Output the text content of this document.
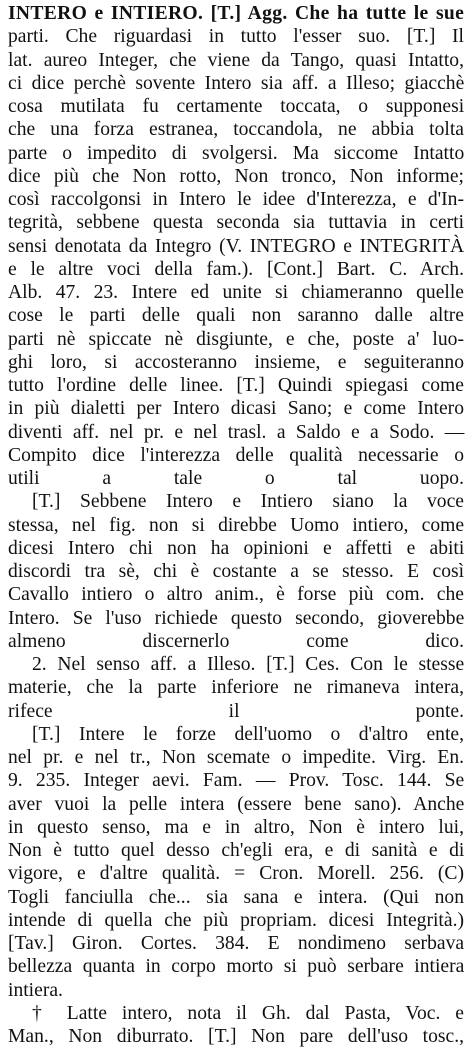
INTERO e INTIERO. [T.] Agg. Che ha tutte le sue
parti. Che riguardasi in tutto l'esser suo. [T.] Il
lat. aureo Integer, che viene da Tango, quasi Intatto,
ci dice perchè sovente Intero sia aff. a Illeso; giacchè
cosa mutilata fu certamente toccata, o supponesi
che una forza estranea, toccandola, ne abbia tolta
parte o impedito di svolgersi. Ma siccome Intatto
dice più che Non rotto, Non tronco, Non informe;
così raccolgonsi in Intero le idee d'Interezza, e d'In-
tegrità, sebbene questa seconda sia tuttavia in certi
sensi denotata da Integro (V. INTEGRO e INTEGRITÀ
e le altre voci della fam.). [Cont.] Bart. C. Arch.
Alb. 47. 23. Intere ed unite si chiameranno quelle
cose le parti delle quali non saranno dalle altre
parti nè spiccate nè disgiunte, e che, poste a' luo-
ghi loro, si accosteranno insieme, e seguiteranno
tutto l'ordine delle linee. [T.] Quindi spiegasi come
in più dialetti per Intero dicasi Sano; e come Intero
diventi aff. nel pr. e nel trasl. a Saldo e a Sodo. —
Compito dice l'interezza delle qualità necessarie o
utili a tale o tal uopo.
[T.] Sebbene Intero e Intiero siano la voce
stessa, nel fig. non si direbbe Uomo intiero, come
dicesi Intero chi non ha opinioni e affetti e abiti
discordi tra sè, chi è costante a se stesso. E così
Cavallo intiero o altro anim., è forse più com. che
Intero. Se l'uso richiede questo secondo, gioverebbe
almeno discernerlo come dico.
2. Nel senso aff. a Illeso. [T.] Ces. Con le stesse
materie, che la parte inferiore ne rimaneva intera,
rifece il ponte.
[T.] Intere le forze dell'uomo o d'altro ente,
nel pr. e nel tr., Non scemate o impedite. Virg. En.
9. 235. Integer aevi. Fam. — Prov. Tosc. 144. Se
aver vuoi la pelle intera (essere bene sano). Anche
in questo senso, ma e in altro, Non è intero lui,
Non è tutto quel desso ch'egli era, e di sanità e di
vigore, e d'altre qualità. = Cron. Morell. 256. (C)
Togli fanciulla che... sia sana e intera. (Qui non
intende di quella che più propriam. dicesi Integrità.)
[Tav.] Giron. Cortes. 384. E nondimeno serbava
bellezza quanta in corpo morto si può serbare intiera
intiera.
† Latte intero, nota il Gh. dal Pasta, Voc. e
Man., Non diburrato. [T.] Non pare dell'uso tosc.,
